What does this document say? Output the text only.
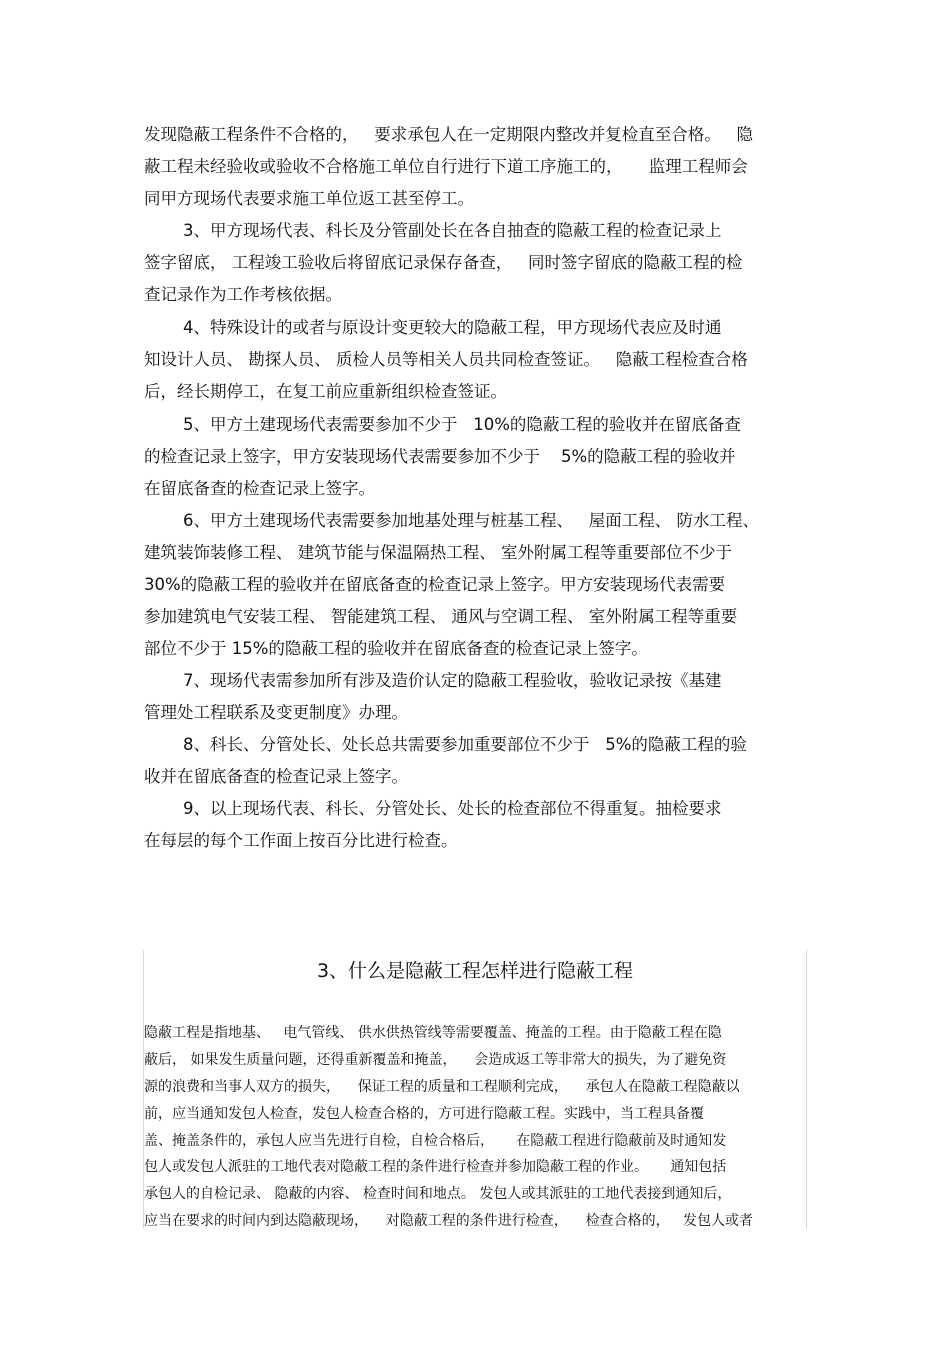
发现隐蔽工程条件不合格的，   要求承包人在一定期限内整改并复检直至合格。   隐
蔽工程未经验收或验收不合格施工单位自行进行下道工序施工的，     监理工程师会
同甲方现场代表要求施工单位返工甚至停工。
3、甲方现场代表、科长及分管副处长在各自抽查的隐蔽工程的检查记录上
签字留底， 工程竣工验收后将留底记录保存备查，   同时签字留底的隐蔽工程的检
查记录作为工作考核依据。
4、特殊设计的或者与原设计变更较大的隐蔽工程，甲方现场代表应及时通
知设计人员、 勘探人员、 质检人员等相关人员共同检查签证。   隐蔽工程检查合格
后，经长期停工，在复工前应重新组织检查签证。
5、甲方土建现场代表需要参加不少于   10%的隐蔽工程的验收并在留底备查
的检查记录上签字，甲方安装现场代表需要参加不少于    5%的隐蔽工程的验收并
在留底备查的检查记录上签字。
6、甲方土建现场代表需要参加地基处理与桩基工程、   屋面工程、 防水工程、
建筑装饰装修工程、 建筑节能与保温隔热工程、 室外附属工程等重要部位不少于
30%的隐蔽工程的验收并在留底备查的检查记录上签字。甲方安装现场代表需要
参加建筑电气安装工程、 智能建筑工程、 通风与空调工程、 室外附属工程等重要
部位不少于 15%的隐蔽工程的验收并在留底备查的检查记录上签字。
7、现场代表需参加所有涉及造价认定的隐蔽工程验收，验收记录按《基建
管理处工程联系及变更制度》办理。
8、科长、分管处长、处长总共需要参加重要部位不少于   5%的隐蔽工程的验
收并在留底备查的检查记录上签字。
9、以上现场代表、科长、分管处长、处长的检查部位不得重复。抽检要求
在每层的每个工作面上按百分比进行检查。
3、什么是隐蔽工程怎样进行隐蔽工程
隐蔽工程是指地基、   电气管线、 供水供热管线等需要覆盖、掩盖的工程。由于隐蔽工程在隐
蔽后， 如果发生质量问题，还得重新覆盖和掩盖，    会造成返工等非常大的损失，为了避免资
源的浪费和当事人双方的损失，    保证工程的质量和工程顺利完成，    承包人在隐蔽工程隐蔽以
前，应当通知发包人检查，发包人检查合格的，方可进行隐蔽工程。实践中，当工程具备覆
盖、掩盖条件的，承包人应当先进行自检，自检合格后，     在隐蔽工程进行隐蔽前及时通知发
包人或发包人派驻的工地代表对隐蔽工程的条件进行检查并参加隐蔽工程的作业。     通知包括
承包人的自检记录、 隐蔽的内容、 检查时间和地点。 发包人或其派驻的工地代表接到通知后，
应当在要求的时间内到达隐蔽现场，    对隐蔽工程的条件进行检查，    检查合格的，   发包人或者
